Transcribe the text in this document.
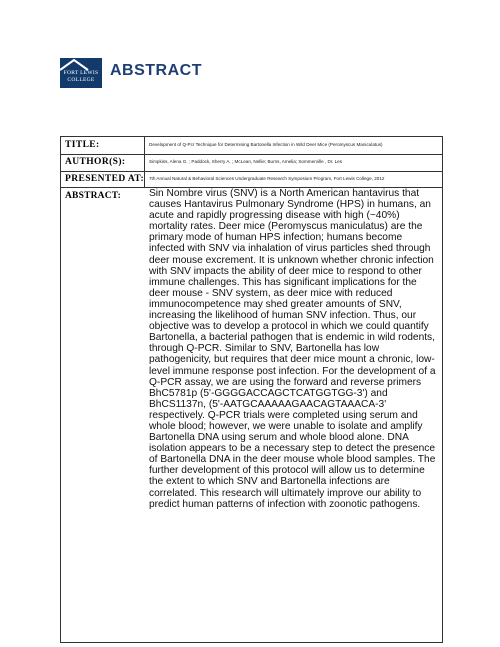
FORT LEWIS
COLLEGE
ABSTRACT
TITLE:	Development of Q-Pcr Technique for Determining Bartonella Infection in Wild Deer Mice (Peromyscus Maniculatus)
AUTHOR(S):	Simpkiss, Alena G. ; Paddock, Sherry A. ; McLean, Nellie; Burns, Amelia; Sommerville , Dr. Les
PRESENTED AT: 7th Annual Natural & Behavioral Sciences Undergraduate Research Symposium Program, Fort Lewis College, 2012
ABSTRACT:	Sin Nombre virus (SNV) is a North American hantavirus that causes Hantavirus Pulmonary Syndrome (HPS) in humans, an acute and rapidly progressing disease with high (~40%) mortality rates. Deer mice (Peromyscus maniculatus) are the primary mode of human HPS infection; humans become infected with SNV via inhalation of virus particles shed through deer mouse excrement. It is unknown whether chronic infection with SNV impacts the ability of deer mice to respond to other immune challenges. This has significant implications for the deer mouse - SNV system, as deer mice with reduced immunocompetence may shed greater amounts of SNV, increasing the likelihood of human SNV infection. Thus, our objective was to develop a protocol in which we could quantify Bartonella, a bacterial pathogen that is endemic in wild rodents, through Q-PCR. Similar to SNV, Bartonella has low pathogenicity, but requires that deer mice mount a chronic, low-level immune response post infection. For the development of a Q-PCR assay, we are using the forward and reverse primers BhC5781p (5'-GGGGACCAGCTCATGGTGG-3') and BhCS1137n, (5'-AATGCAAAAAGAACAGTAAACA-3' respectively. Q-PCR trials were completed using serum and whole blood; however, we were unable to isolate and amplify Bartonella DNA using serum and whole blood alone. DNA isolation appears to be a necessary step to detect the presence of Bartonella DNA in the deer mouse whole blood samples. The further development of this protocol will allow us to determine the extent to which SNV and Bartonella infections are correlated. This research will ultimately improve our ability to predict human patterns of infection with zoonotic pathogens.
